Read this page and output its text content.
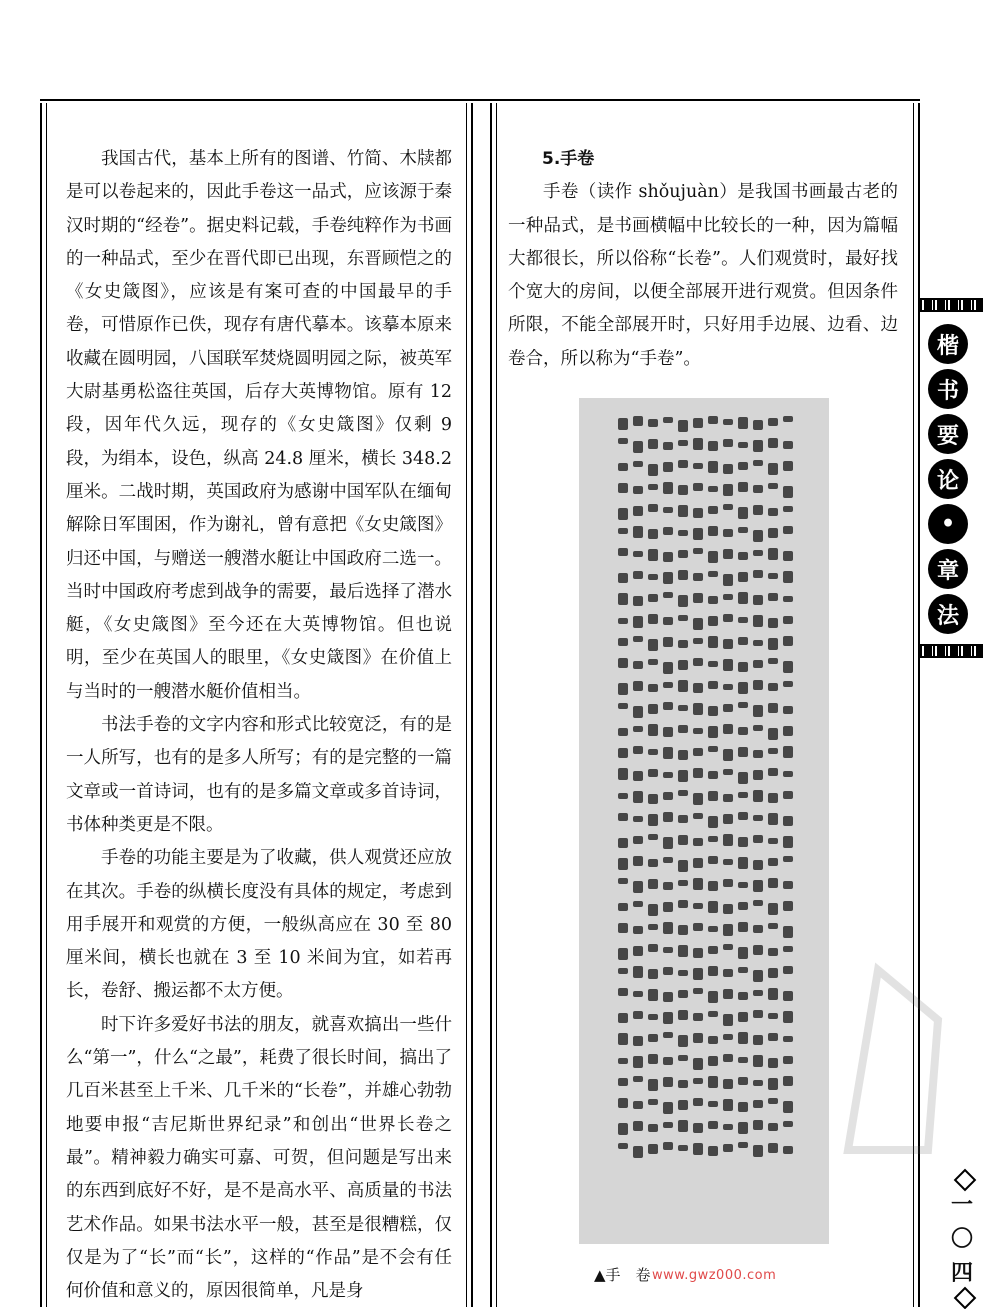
我国古代，基本上所有的图谱、竹简、木牍都是可以卷起来的，因此手卷这一品式，应该源于秦汉时期的“经卷”。据史料记载，手卷纯粹作为书画的一种品式，至少在晋代即已出现，东晋顾恺之的《女史箴图》，应该是有案可查的中国最早的手卷，可惜原作已佚，现存有唐代摹本。该摹本原来收藏在圆明园，八国联军焚烧圆明园之际，被英军大尉基勇松盗往英国，后存大英博物馆。原有 12 段，因年代久远，现存的《女史箴图》仅剩 9 段，为绢本，设色，纵高 24.8 厘米，横长 348.2 厘米。二战时期，英国政府为感谢中国军队在缅甸解除日军围困，作为谢礼，曾有意把《女史箴图》归还中国，与赠送一艘潜水艇让中国政府二选一。当时中国政府考虑到战争的需要，最后选择了潜水艇，《女史箴图》至今还在大英博物馆。但也说明，至少在英国人的眼里，《女史箴图》在价值上与当时的一艘潜水艇价值相当。

书法手卷的文字内容和形式比较宽泛，有的是一人所写，也有的是多人所写；有的是完整的一篇文章或一首诗词，也有的是多篇文章或多首诗词，书体种类更是不限。

手卷的功能主要是为了收藏，供人观赏还应放在其次。手卷的纵横长度没有具体的规定，考虑到用手展开和观赏的方便，一般纵高应在 30 至 80 厘米间，横长也就在 3 至 10 米间为宜，如若再长，卷舒、搬运都不太方便。

时下许多爱好书法的朋友，就喜欢搞出一些什么“第一”，什么“之最”，耗费了很长时间，搞出了几百米甚至上千米、几千米的“长卷”，并雄心勃勃地要申报“吉尼斯世界纪录”和创出“世界长卷之最”。精神毅力确实可嘉、可贺，但问题是写出来的东西到底好不好，是不是高水平、高质量的书法艺术作品。如果书法水平一般，甚至是很糟糕，仅仅是为了“长”而“长”，这样的“作品”是不会有任何价值和意义的，原因很简单，凡是身

5.手卷

手卷（读作 shǒujuàn）是我国书画最古老的一种品式，是书画横幅中比较长的一种，因为篇幅大都很长，所以俗称“长卷”。人们观赏时，最好找个宽大的房间，以便全部展开进行观赏。但因条件所限，不能全部展开时，只好用手边展、边看、边卷合，所以称为“手卷”。

▲手　卷 www.gwz000.com
楷
书
要
论
•
章
法
一
〇
四
